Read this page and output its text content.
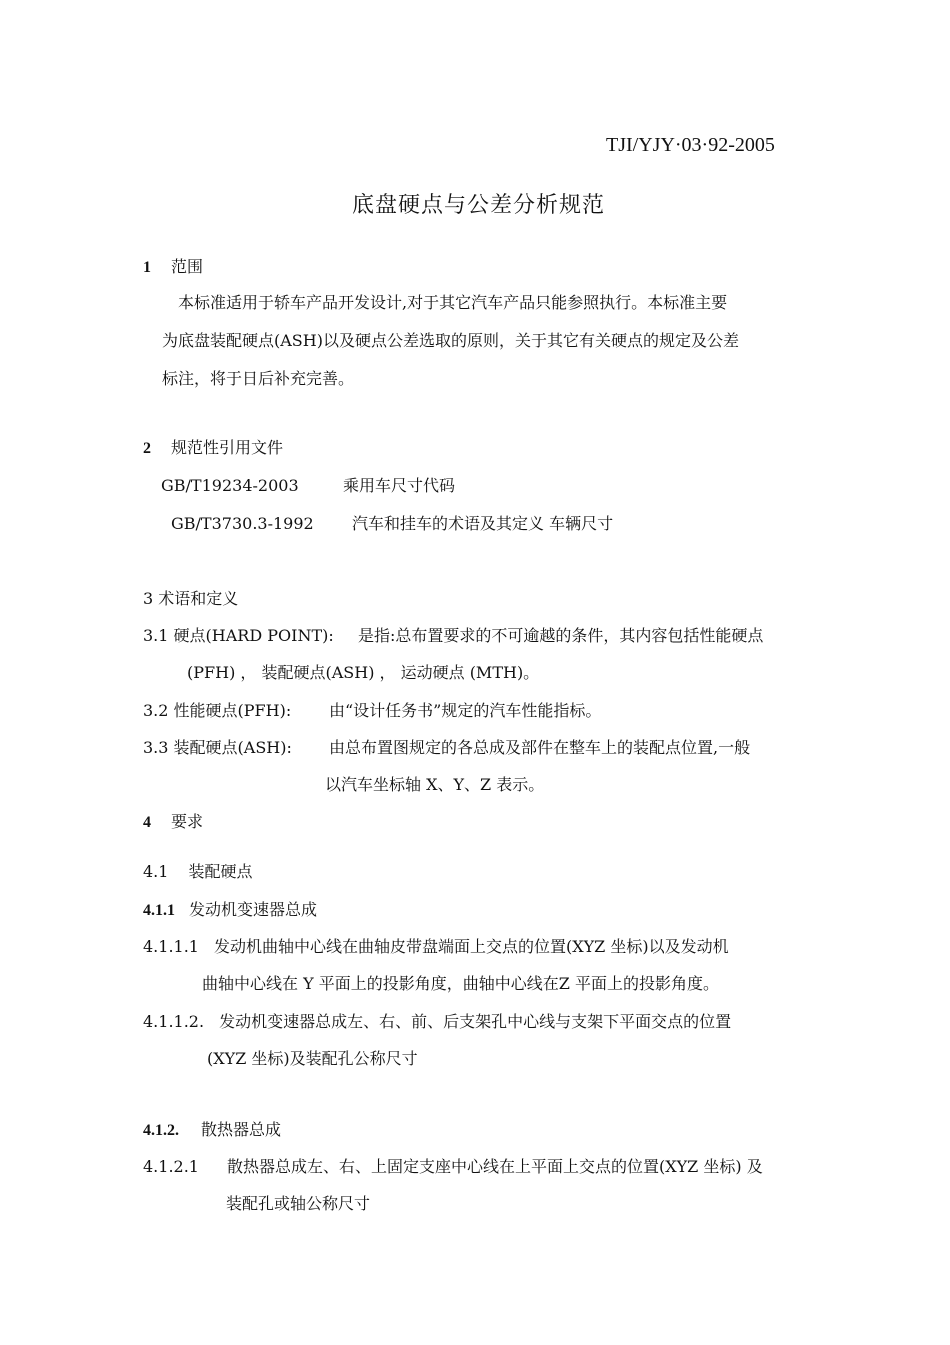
TJI/YJY·03·92-2005
底盘硬点与公差分析规范
1 范围
本标准适用于轿车产品开发设计,对于其它汽车产品只能参照执行。本标准主要
为底盘装配硬点(ASH)以及硬点公差选取的原则，关于其它有关硬点的规定及公差
标注，将于日后补充完善。
2 规范性引用文件
GB/T19234-2003	乘用车尺寸代码
GB/T3730.3-1992 汽车和挂车的术语及其定义 车辆尺寸
3 术语和定义
3.1 硬点(HARD POINT): 是指:总布置要求的不可逾越的条件，其内容包括性能硬点
(PFH) ， 装配硬点(ASH) ， 运动硬点 (MTH)。
3.2 性能硬点(PFH): 由“设计任务书”规定的汽车性能指标。
3.3 装配硬点(ASH): 由总布置图规定的各总成及部件在整车上的装配点位置,一般
以汽车坐标轴 X、Y、Z 表示。
4 要求
4.1 装配硬点
4.1.1 发动机变速器总成
4.1.1.1 发动机曲轴中心线在曲轴皮带盘端面上交点的位置(XYZ 坐标)以及发动机
曲轴中心线在 Y 平面上的投影角度，曲轴中心线在Z 平面上的投影角度。
4.1.1.2. 发动机变速器总成左、右、前、后支架孔中心线与支架下平面交点的位置
(XYZ 坐标)及装配孔公称尺寸
4.1.2. 散热器总成
4.1.2.1 散热器总成左、右、上固定支座中心线在上平面上交点的位置(XYZ 坐标) 及
装配孔或轴公称尺寸
